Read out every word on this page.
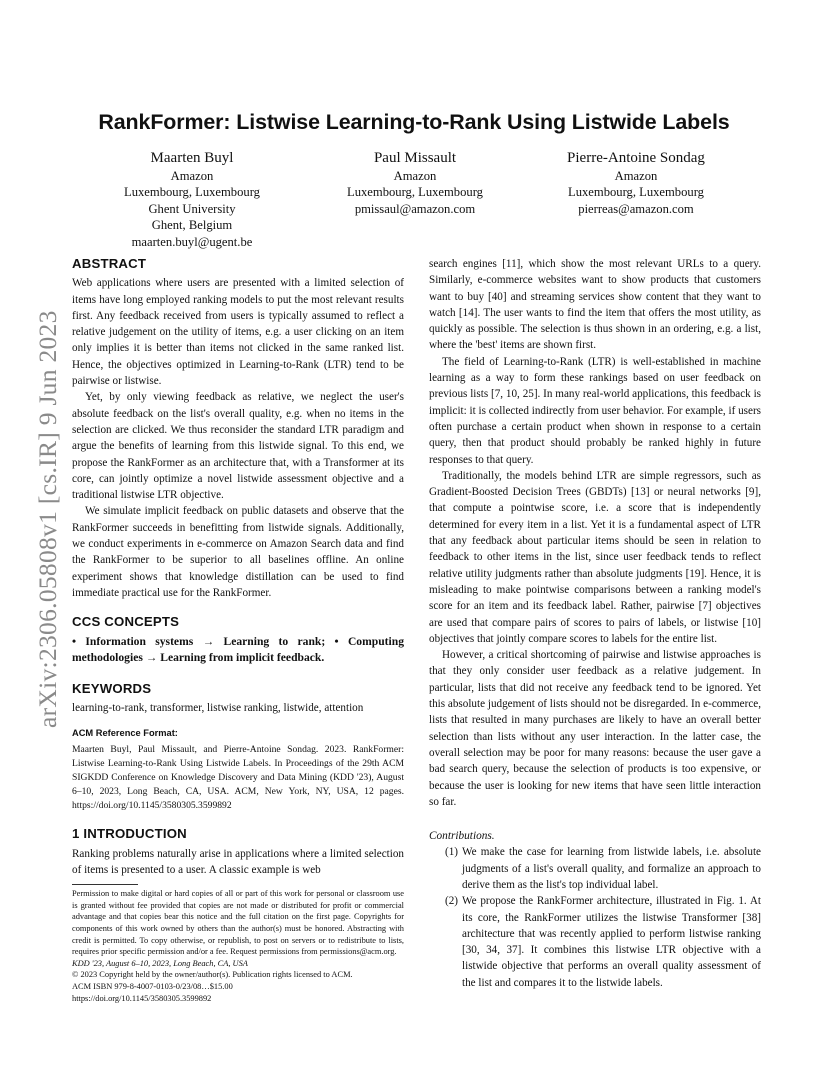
arXiv:2306.05808v1 [cs.IR] 9 Jun 2023
RankFormer: Listwise Learning-to-Rank Using Listwide Labels
Maarten Buyl
Amazon
Luxembourg, Luxembourg
Ghent University
Ghent, Belgium
maarten.buyl@ugent.be
Paul Missault
Amazon
Luxembourg, Luxembourg
pmissaul@amazon.com
Pierre-Antoine Sondag
Amazon
Luxembourg, Luxembourg
pierreas@amazon.com
ABSTRACT

Web applications where users are presented with a limited selection of items have long employed ranking models to put the most relevant results first. Any feedback received from users is typically assumed to reflect a relative judgement on the utility of items, e.g. a user clicking on an item only implies it is better than items not clicked in the same ranked list. Hence, the objectives optimized in Learning-to-Rank (LTR) tend to be pairwise or listwise.

Yet, by only viewing feedback as relative, we neglect the user's absolute feedback on the list's overall quality, e.g. when no items in the selection are clicked. We thus reconsider the standard LTR paradigm and argue the benefits of learning from this listwide signal. To this end, we propose the RankFormer as an architecture that, with a Transformer at its core, can jointly optimize a novel listwide assessment objective and a traditional listwise LTR objective.

We simulate implicit feedback on public datasets and observe that the RankFormer succeeds in benefitting from listwide signals. Additionally, we conduct experiments in e-commerce on Amazon Search data and find the RankFormer to be superior to all baselines offline. An online experiment shows that knowledge distillation can be used to find immediate practical use for the RankFormer.

CCS CONCEPTS

• Information systems → Learning to rank; • Computing methodologies → Learning from implicit feedback.

KEYWORDS

learning-to-rank, transformer, listwise ranking, listwide, attention

ACM Reference Format:

Maarten Buyl, Paul Missault, and Pierre-Antoine Sondag. 2023. RankFormer: Listwise Learning-to-Rank Using Listwide Labels. In Proceedings of the 29th ACM SIGKDD Conference on Knowledge Discovery and Data Mining (KDD '23), August 6–10, 2023, Long Beach, CA, USA. ACM, New York, NY, USA, 12 pages. https://doi.org/10.1145/3580305.3599892

1 INTRODUCTION

Ranking problems naturally arise in applications where a limited selection of items is presented to a user. A classic example is web

Permission to make digital or hard copies of all or part of this work for personal or classroom use is granted without fee provided that copies are not made or distributed for profit or commercial advantage and that copies bear this notice and the full citation on the first page. Copyrights for components of this work owned by others than the author(s) must be honored. Abstracting with credit is permitted. To copy otherwise, or republish, to post on servers or to redistribute to lists, requires prior specific permission and/or a fee. Request permissions from permissions@acm.org.

KDD '23, August 6–10, 2023, Long Beach, CA, USA

© 2023 Copyright held by the owner/author(s). Publication rights licensed to ACM.

ACM ISBN 979-8-4007-0103-0/23/08…$15.00

https://doi.org/10.1145/3580305.3599892

search engines [11], which show the most relevant URLs to a query. Similarly, e-commerce websites want to show products that customers want to buy [40] and streaming services show content that they want to watch [14]. The user wants to find the item that offers the most utility, as quickly as possible. The selection is thus shown in an ordering, e.g. a list, where the 'best' items are shown first.

The field of Learning-to-Rank (LTR) is well-established in machine learning as a way to form these rankings based on user feedback on previous lists [7, 10, 25]. In many real-world applications, this feedback is implicit: it is collected indirectly from user behavior. For example, if users often purchase a certain product when shown in response to a certain query, then that product should probably be ranked highly in future responses to that query.

Traditionally, the models behind LTR are simple regressors, such as Gradient-Boosted Decision Trees (GBDTs) [13] or neural networks [9], that compute a pointwise score, i.e. a score that is independently determined for every item in a list. Yet it is a fundamental aspect of LTR that any feedback about particular items should be seen in relation to feedback to other items in the list, since user feedback tends to reflect relative utility judgments rather than absolute judgments [19]. Hence, it is misleading to make pointwise comparisons between a ranking model's score for an item and its feedback label. Rather, pairwise [7] objectives are used that compare pairs of scores to pairs of labels, or listwise [10] objectives that jointly compare scores to labels for the entire list.

However, a critical shortcoming of pairwise and listwise approaches is that they only consider user feedback as a relative judgement. In particular, lists that did not receive any feedback tend to be ignored. Yet this absolute judgement of lists should not be disregarded. In e-commerce, lists that resulted in many purchases are likely to have an overall better selection than lists without any user interaction. In the latter case, the overall selection may be poor for many reasons: because the user gave a bad search query, because the selection of products is too expensive, or because the user is looking for new items that have seen little interaction so far.

Contributions.

(1) We make the case for learning from listwide labels, i.e. absolute judgments of a list's overall quality, and formalize an approach to derive them as the list's top individual label.
(2) We propose the RankFormer architecture, illustrated in Fig. 1. At its core, the RankFormer utilizes the listwise Transformer [38] architecture that was recently applied to perform listwise ranking [30, 34, 37]. It combines this listwise LTR objective with a listwide objective that performs an overall quality assessment of the list and compares it to the listwide labels.
